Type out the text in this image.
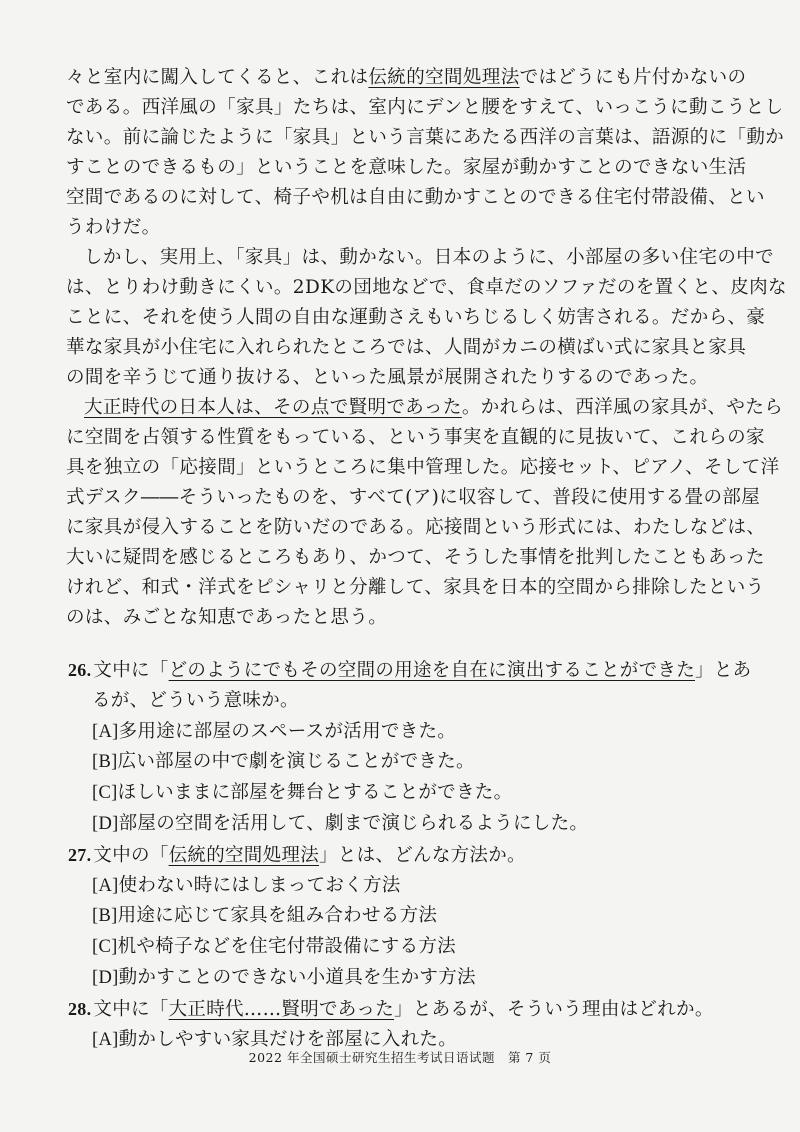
々と室内に闖入してくると、これは伝統的空間処理法ではどうにも片付かないの
である。西洋風の「家具」たちは、室内にデンと腰をすえて、いっこうに動こうとし
ない。前に論じたように「家具」という言葉にあたる西洋の言葉は、語源的に「動か
すことのできるもの」ということを意味した。家屋が動かすことのできない生活
空間であるのに対して、椅子や机は自由に動かすことのできる住宅付帯設備、とい
うわけだ。
しかし、実用上、「家具」は、動かない。日本のように、小部屋の多い住宅の中で
は、とりわけ動きにくい。2DKの団地などで、食卓だのソファだのを置くと、皮肉な
ことに、それを使う人間の自由な運動さえもいちじるしく妨害される。だから、豪
華な家具が小住宅に入れられたところでは、人間がカニの横ばい式に家具と家具
の間を辛うじて通り抜ける、といった風景が展開されたりするのであった。
大正時代の日本人は、その点で賢明であった。かれらは、西洋風の家具が、やたら
に空間を占領する性質をもっている、という事実を直観的に見抜いて、これらの家
具を独立の「応接間」というところに集中管理した。応接セット、ピアノ、そして洋
式デスク――そういったものを、すべて(ア)に収容して、普段に使用する畳の部屋
に家具が侵入することを防いだのである。応接間という形式には、わたしなどは、
大いに疑問を感じるところもあり、かつて、そうした事情を批判したこともあった
けれど、和式・洋式をピシャリと分離して、家具を日本的空間から排除したという
のは、みごとな知恵であったと思う。
26. 文中に「どのようにでもその空間の用途を自在に演出することができた」とあ
るが、どういう意味か。
[A]多用途に部屋のスペースが活用できた。
[B]広い部屋の中で劇を演じることができた。
[C]ほしいままに部屋を舞台とすることができた。
[D]部屋の空間を活用して、劇まで演じられるようにした。
27. 文中の「伝統的空間処理法」とは、どんな方法か。
[A]使わない時にはしまっておく方法
[B]用途に応じて家具を組み合わせる方法
[C]机や椅子などを住宅付帯設備にする方法
[D]動かすことのできない小道具を生かす方法
28. 文中に「大正時代……賢明であった」とあるが、そういう理由はどれか。
[A]動かしやすい家具だけを部屋に入れた。
2022 年全国硕士研究生招生考试日语试题　第 7 页
